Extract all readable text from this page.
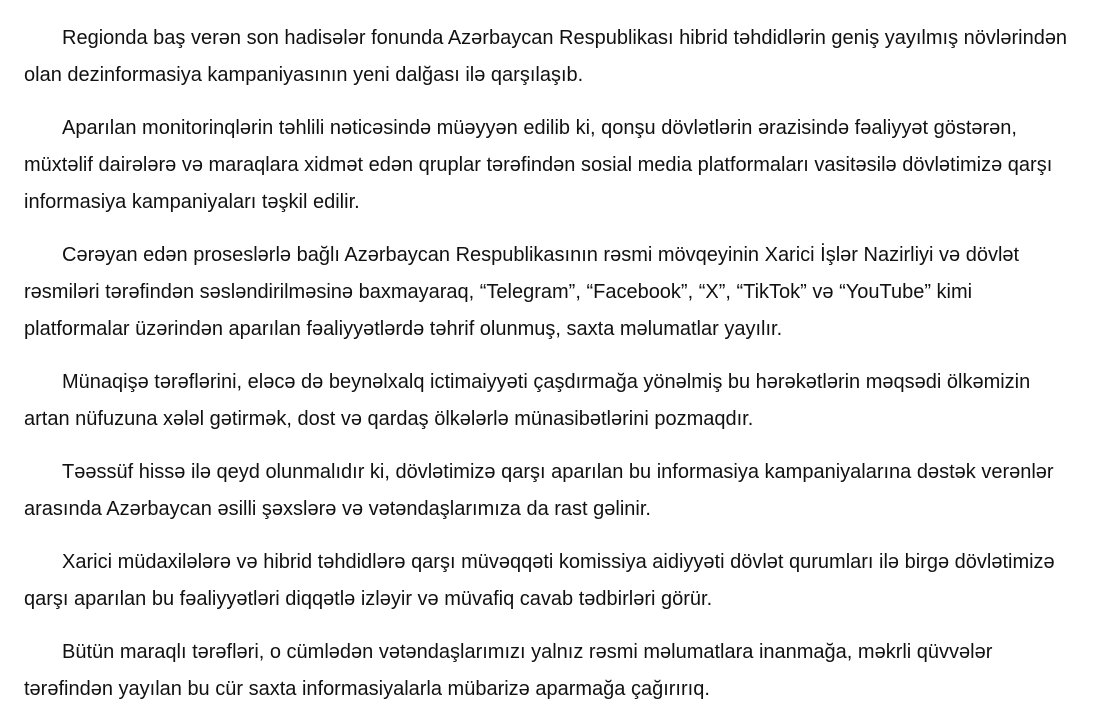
Regionda baş verən son hadisələr fonunda Azərbaycan Respublikası hibrid təhdidlərin geniş yayılmış növlərindən olan dezinformasiya kampaniyasının yeni dalğası ilə qarşılaşıb.

Aparılan monitorinqlərin təhlili nəticəsində müəyyən edilib ki, qonşu dövlətlərin ərazisində fəaliyyət göstərən, müxtəlif dairələrə və maraqlara xidmət edən qruplar tərəfindən sosial media platformaları vasitəsilə dövlətimizə qarşı informasiya kampaniyaları təşkil edilir.

Cərəyan edən proseslərlə bağlı Azərbaycan Respublikasının rəsmi mövqeyinin Xarici İşlər Nazirliyi və dövlət rəsmiləri tərəfindən səsləndirilməsinə baxmayaraq, “Telegram”, “Facebook”, “X”, “TikTok” və “YouTube” kimi platformalar üzərindən aparılan fəaliyyətlərdə təhrif olunmuş, saxta məlumatlar yayılır.

Münaqişə tərəflərini, eləcə də beynəlxalq ictimaiyyəti çaşdırmağa yönəlmiş bu hərəkətlərin məqsədi ölkəmizin artan nüfuzuna xələl gətirmək, dost və qardaş ölkələrlə münasibətlərini pozmaqdır.

Təəssüf hissə ilə qeyd olunmalıdır ki, dövlətimizə qarşı aparılan bu informasiya kampaniyalarına dəstək verənlər arasında Azərbaycan əsilli şəxslərə və vətəndaşlarımıza da rast gəlinir.

Xarici müdaxilələrə və hibrid təhdidlərə qarşı müvəqqəti komissiya aidiyyəti dövlət qurumları ilə birgə dövlətimizə qarşı aparılan bu fəaliyyətləri diqqətlə izləyir və müvafiq cavab tədbirləri görür.

Bütün maraqlı tərəfləri, o cümlədən vətəndaşlarımızı yalnız rəsmi məlumatlara inanmağa, məkrli qüvvələr tərəfindən yayılan bu cür saxta informasiyalarla mübarizə aparmağa çağırırıq.
